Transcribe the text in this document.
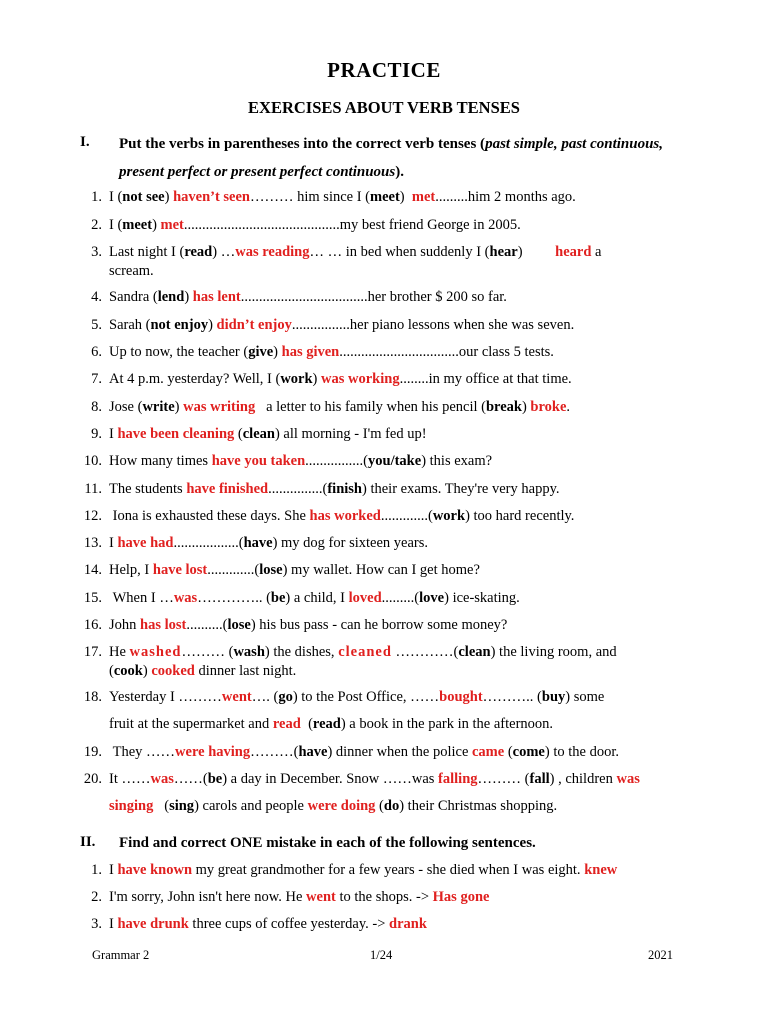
PRACTICE
EXERCISES ABOUT VERB TENSES
I. Put the verbs in parentheses into the correct verb tenses (past simple, past continuous, present perfect or present perfect continuous).
1. I (not see) haven’t seen……… him since I (meet)  met.........him 2 months ago.
2. I (meet) met...........................................my best friend George in 2005.
3. Last night I (read) …was reading… … in bed when suddenly I (hear)         heard a
scream.
4. Sandra (lend) has lent...................................her brother $ 200 so far.
5. Sarah (not enjoy) didn’t enjoy................her piano lessons when she was seven.
6. Up to now, the teacher (give) has given.................................our class 5 tests.
7. At 4 p.m. yesterday? Well, I (work) was working........in my office at that time.
8. Jose (write) was writing   a letter to his family when his pencil (break) broke.
9. I have been cleaning (clean) all morning - I'm fed up!
10. How many times have you taken................(you/take) this exam?
11. The students have finished...............(finish) their exams. They're very happy.
12. Iona is exhausted these days. She has worked.............(work) too hard recently.
13. I have had..................(have) my dog for sixteen years.
14. Help, I have lost.............(lose) my wallet. How can I get home?
15. When I …was………….. (be) a child, I loved.........(love) ice-skating.
16. John has lost..........(lose) his bus pass - can he borrow some money?
17. He washed……… (wash) the dishes, cleaned …………(clean) the living room, and
(cook) cooked dinner last night.
18. Yesterday I ………went…. (go) to the Post Office, ……bought……….. (buy) some
fruit at the supermarket and read  (read) a book in the park in the afternoon.
19. They ……were having………(have) dinner when the police came (come) to the door.
20. It ……was……(be) a day in December. Snow ……was falling……… (fall) , children was
singing   (sing) carols and people were doing (do) their Christmas shopping.
II. Find and correct ONE mistake in each of the following sentences.
1. I have known my great grandmother for a few years - she died when I was eight. knew
2. I'm sorry, John isn't here now. He went to the shops. -> Has gone
3. I have drunk three cups of coffee yesterday. -> drank
Grammar 2	1/24	2021
